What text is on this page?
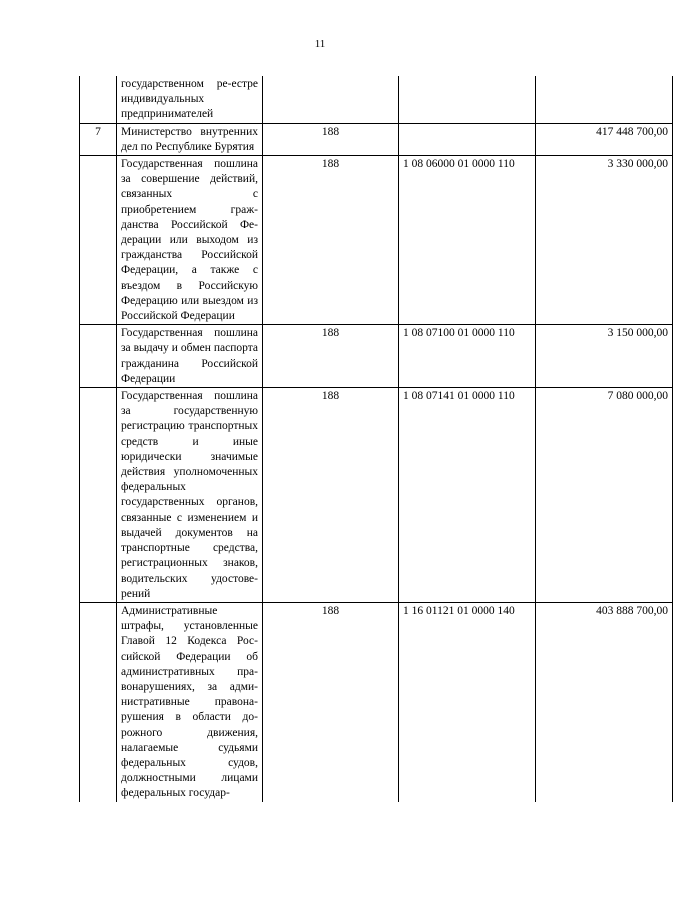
11
	государственном ре-естре индивидуальных предпринимателей			
7	Министерство внутренних дел по Республике Бурятия	188		417 448 700,00
	Государственная пошлина за совершение действий, связанных с приобретением гражданства Российской Федерации или выходом из гражданства Российской Федерации, а также с въездом в Российскую Федерацию или выездом из Российской Федерации	188	1 08 06000 01 0000 110	3 330 000,00
	Государственная пошлина за выдачу и обмен паспорта гражданина Российской Федерации	188	1 08 07100 01 0000 110	3 150 000,00
	Государственная пошлина за государственную регистрацию транспортных средств и иные юридически значимые действия уполномоченных федеральных государственных органов, связанные с изменением и выдачей документов на транспортные средства, регистрационных знаков, водительских удостоверений	188	1 08 07141 01 0000 110	7 080 000,00
	Административные штрафы, установленные Главой 12 Кодекса Российской Федерации об административных правонарушениях, за административные правонарушения в области дорожного движения, налагаемые судьями федеральных судов, должностными лицами федеральных государ-	188	1 16 01121 01 0000 140	403 888 700,00
